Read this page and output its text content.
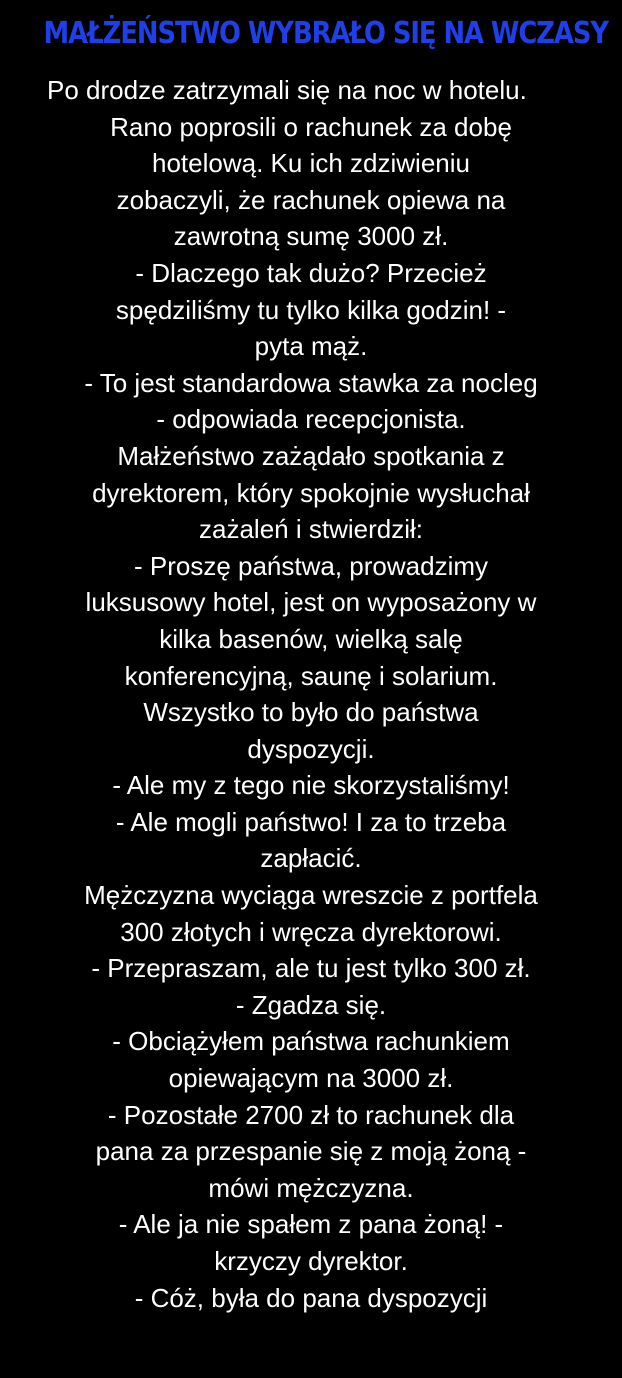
MAŁŻEŃSTWO WYBRAŁO SIĘ NA WCZASY
Po drodze zatrzymali się na noc w hotelu.
Rano poprosili o rachunek za dobę
hotelową. Ku ich zdziwieniu
zobaczyli, że rachunek opiewa na
zawrotną sumę 3000 zł.
- Dlaczego tak dużo? Przecież
spędziliśmy tu tylko kilka godzin! -
pyta mąż.
- To jest standardowa stawka za nocleg
- odpowiada recepcjonista.
Małżeństwo zażądało spotkania z
dyrektorem, który spokojnie wysłuchał
zażaleń i stwierdził:
- Proszę państwa, prowadzimy
luksusowy hotel, jest on wyposażony w
kilka basenów, wielką salę
konferencyjną, saunę i solarium.
Wszystko to było do państwa
dyspozycji.
- Ale my z tego nie skorzystaliśmy!
- Ale mogli państwo! I za to trzeba
zapłacić.
Mężczyzna wyciąga wreszcie z portfela
300 złotych i wręcza dyrektorowi.
- Przepraszam, ale tu jest tylko 300 zł.
- Zgadza się.
- Obciążyłem państwa rachunkiem
opiewającym na 3000 zł.
- Pozostałe 2700 zł to rachunek dla
pana za przespanie się z moją żoną -
mówi mężczyzna.
- Ale ja nie spałem z pana żoną! -
krzyczy dyrektor.
- Cóż, była do pana dyspozycji
